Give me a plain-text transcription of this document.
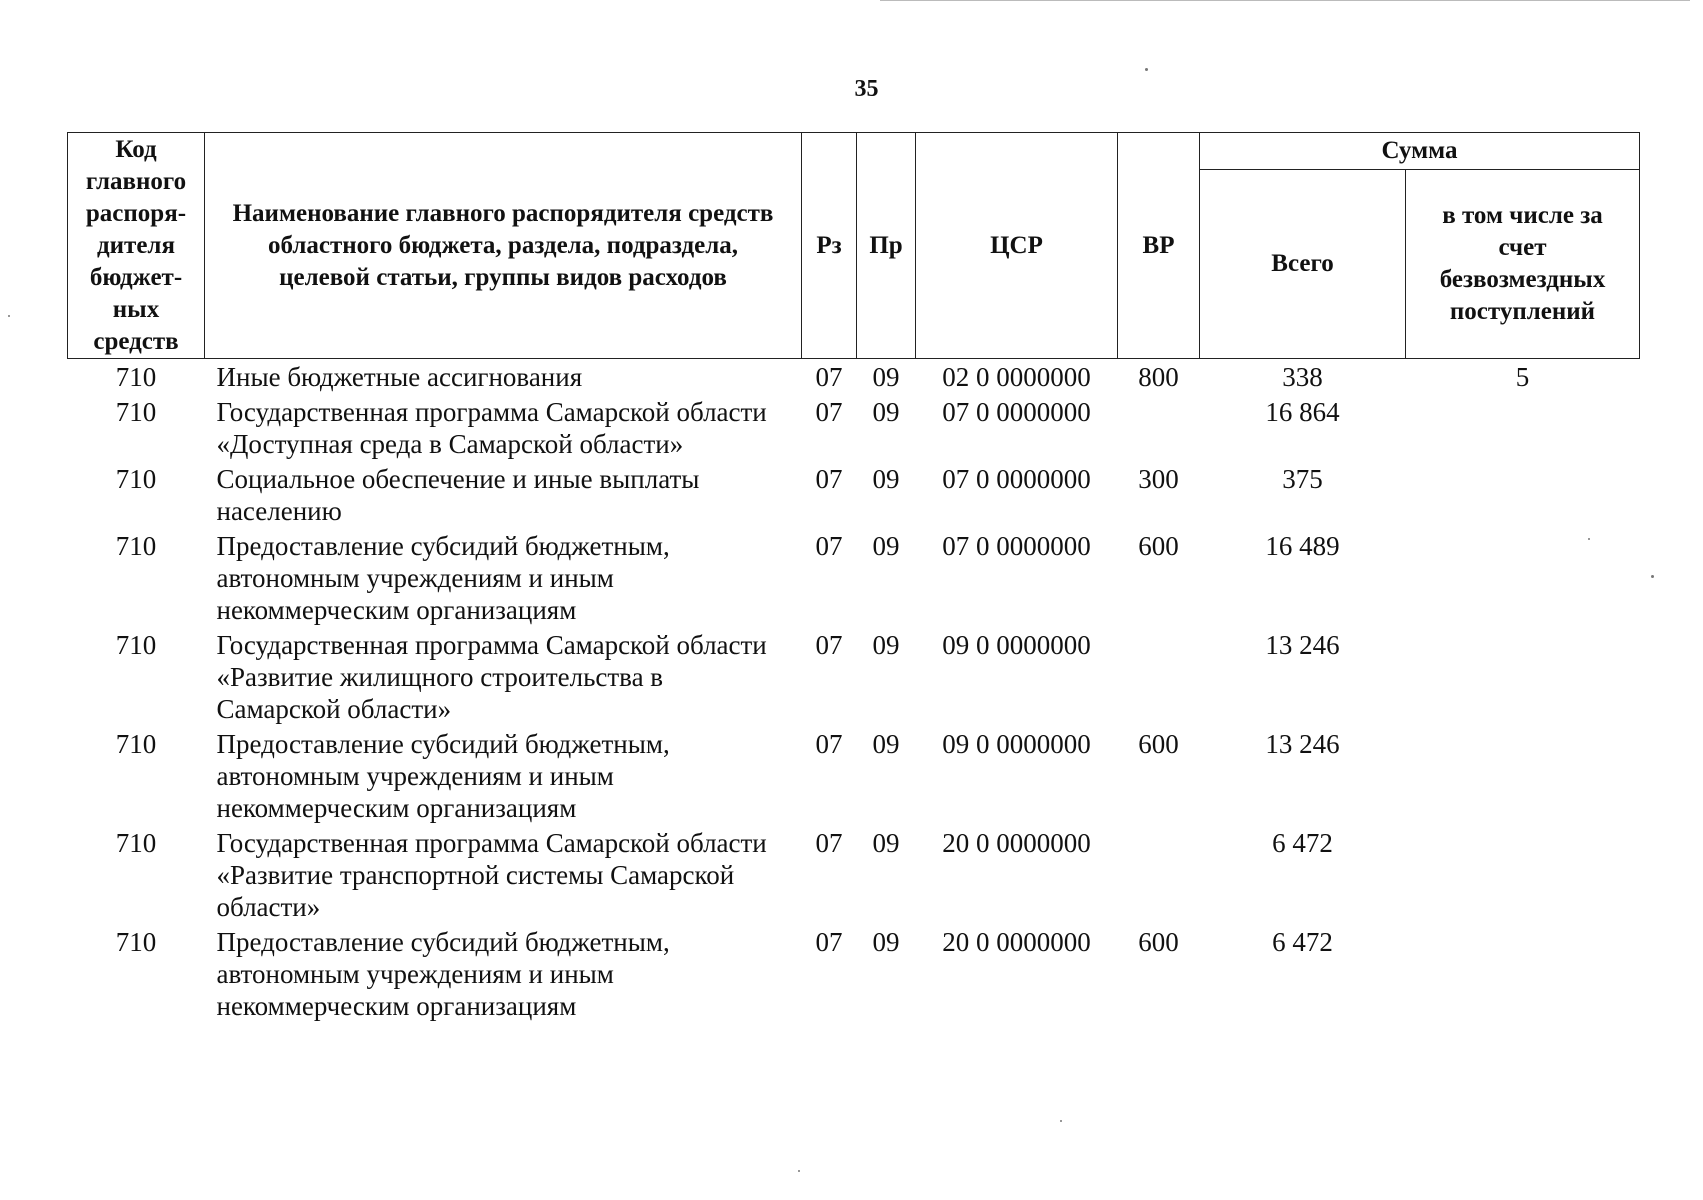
35
Код главного распоря-дителя бюджет-ных средств	Наименование главного распорядителя средств областного бюджета, раздела, подраздела, целевой статьи, группы видов расходов	Рз	Пр	ЦСР	ВР	Сумма	
						Всего	в том числе за счет безвозмездных поступлений
710	Иные бюджетные ассигнования	07	09	02 0 0000000	800	338	5
710	Государственная программа Самарской области «Доступная среда в Самарской области»	07	09	07 0 0000000		16 864	
710	Социальное обеспечение и иные выплаты населению	07	09	07 0 0000000	300	375	
710	Предоставление субсидий бюджетным, автономным учреждениям и иным некоммерческим организациям	07	09	07 0 0000000	600	16 489	
710	Государственная программа Самарской области «Развитие жилищного строительства в Самарской области»	07	09	09 0 0000000		13 246	
710	Предоставление субсидий бюджетным, автономным учреждениям и иным некоммерческим организациям	07	09	09 0 0000000	600	13 246	
710	Государственная программа Самарской области «Развитие транспортной системы Самарской области»	07	09	20 0 0000000		6 472	
710	Предоставление субсидий бюджетным, автономным учреждениям и иным некоммерческим организациям	07	09	20 0 0000000	600	6 472	
